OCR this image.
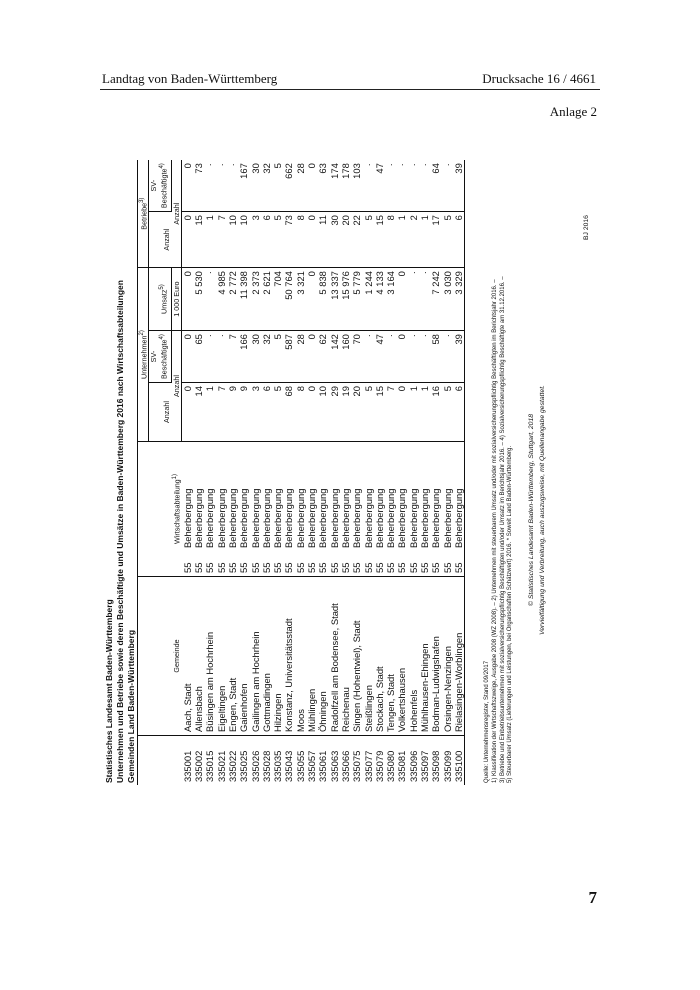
Landtag von Baden-Württemberg	Drucksache 16 / 4661
Anlage 2
Statistisches Landesamt Baden-Württemberg Unternehmen und Betriebe sowie deren Beschäftigte und Umsätze in Baden-Württemberg 2016 nach Wirtschaftsabteilungen Gemeinden Land Baden-Württemberg
		Gemeinde	Wirtschaftsabteilung$^{1)}$		Unternehmen$^{2)}$			Betriebe$^{3)}$
				Anzahl	SV-
Beschäftigte$^{4)}$	Umsatz$^{5)}$	Anzahl	SV-
Beschäftigte$^{4)}$

				Anzahl		1 000 Euro	Anzahl	
335001	Aach, Stadt	55	Beherbergung	0	0	0	0	0
335002	Allensbach	55	Beherbergung	14	65	5 530	15	73
335015	Büsingen am Hochrhein	55	Beherbergung	1	·	·	1	·
335021	Eigeltingen	55	Beherbergung	7	·	4 985	7	·
335022	Engen, Stadt	55	Beherbergung	9	7	2 772	10	·
335025	Gaienhofen	55	Beherbergung	9	166	11 398	10	167
335026	Gailingen am Hochrhein	55	Beherbergung	3	30	2 373	3	30
335028	Gottmadingen	55	Beherbergung	6	32	2 621	6	32
335035	Hilzingen	55	Beherbergung	5	5	704	5	5
335043	Konstanz, Universitätsstadt	55	Beherbergung	68	587	50 764	73	662
335055	Moos	55	Beherbergung	8	28	3 321	8	28
335057	Mühlingen	55	Beherbergung	0	0	0	0	0
335061	Öhningen	55	Beherbergung	10	62	5 838	11	63
335063	Radolfzell am Bodensee, Stadt	55	Beherbergung	29	142	13 337	30	174
335066	Reichenau	55	Beherbergung	19	160	15 976	20	178
335075	Singen (Hohentwiel), Stadt	55	Beherbergung	20	70	5 779	22	103
335077	Steißlingen	55	Beherbergung	5	·	1 244	5	·
335079	Stockach, Stadt	55	Beherbergung	15	47	4 133	15	47
335080	Tengen, Stadt	55	Beherbergung	7	·	3 164	8	·
335081	Volkertshausen	55	Beherbergung	0	0	0	1	·
335096	Hohenfels	55	Beherbergung	1	·	·	2	·
335097	Mühlhausen-Ehingen	55	Beherbergung	1	·	·	1	·
335098	Bodman-Ludwigshafen	55	Beherbergung	16	58	7 242	17	64
335099	Orsingen-Nenzingen	55	Beherbergung	5	·	3 030	5	·
335100	Rielasingen-Worblingen	55	Beherbergung	6	39	3 329	6	39
Quelle: Unternehmensregister, Stand 09/2017 1) Klassifikation der Wirtschaftszweige, Ausgabe 2008 (WZ 2008). – 2) Unternehmen mit steuerbarem Umsatz und/oder mit sozialversicherungspflichtig Beschäftigten im Berichtsjahr 2016. – 3) Betriebe und Einbetriebsunternehmen mit sozialversicherungspflichtig Beschäftigten und/oder Umsatz im Berichtsjahr 2016. – 4) Sozialversicherungspflichtig Beschäftigte am 31.12.2016. – 5) Steuerbarer Umsatz (Lieferungen und Leistungen, bei Organschaften Schätzwert) 2016. * Soweit Land Baden-Württemberg. © Statistisches Landesamt Baden-Württemberg, Stuttgart, 2018 Vervielfältigung und Verbreitung, auch auszugsweise, mit Quellenangabe gestattet.
BJ 2016
7
